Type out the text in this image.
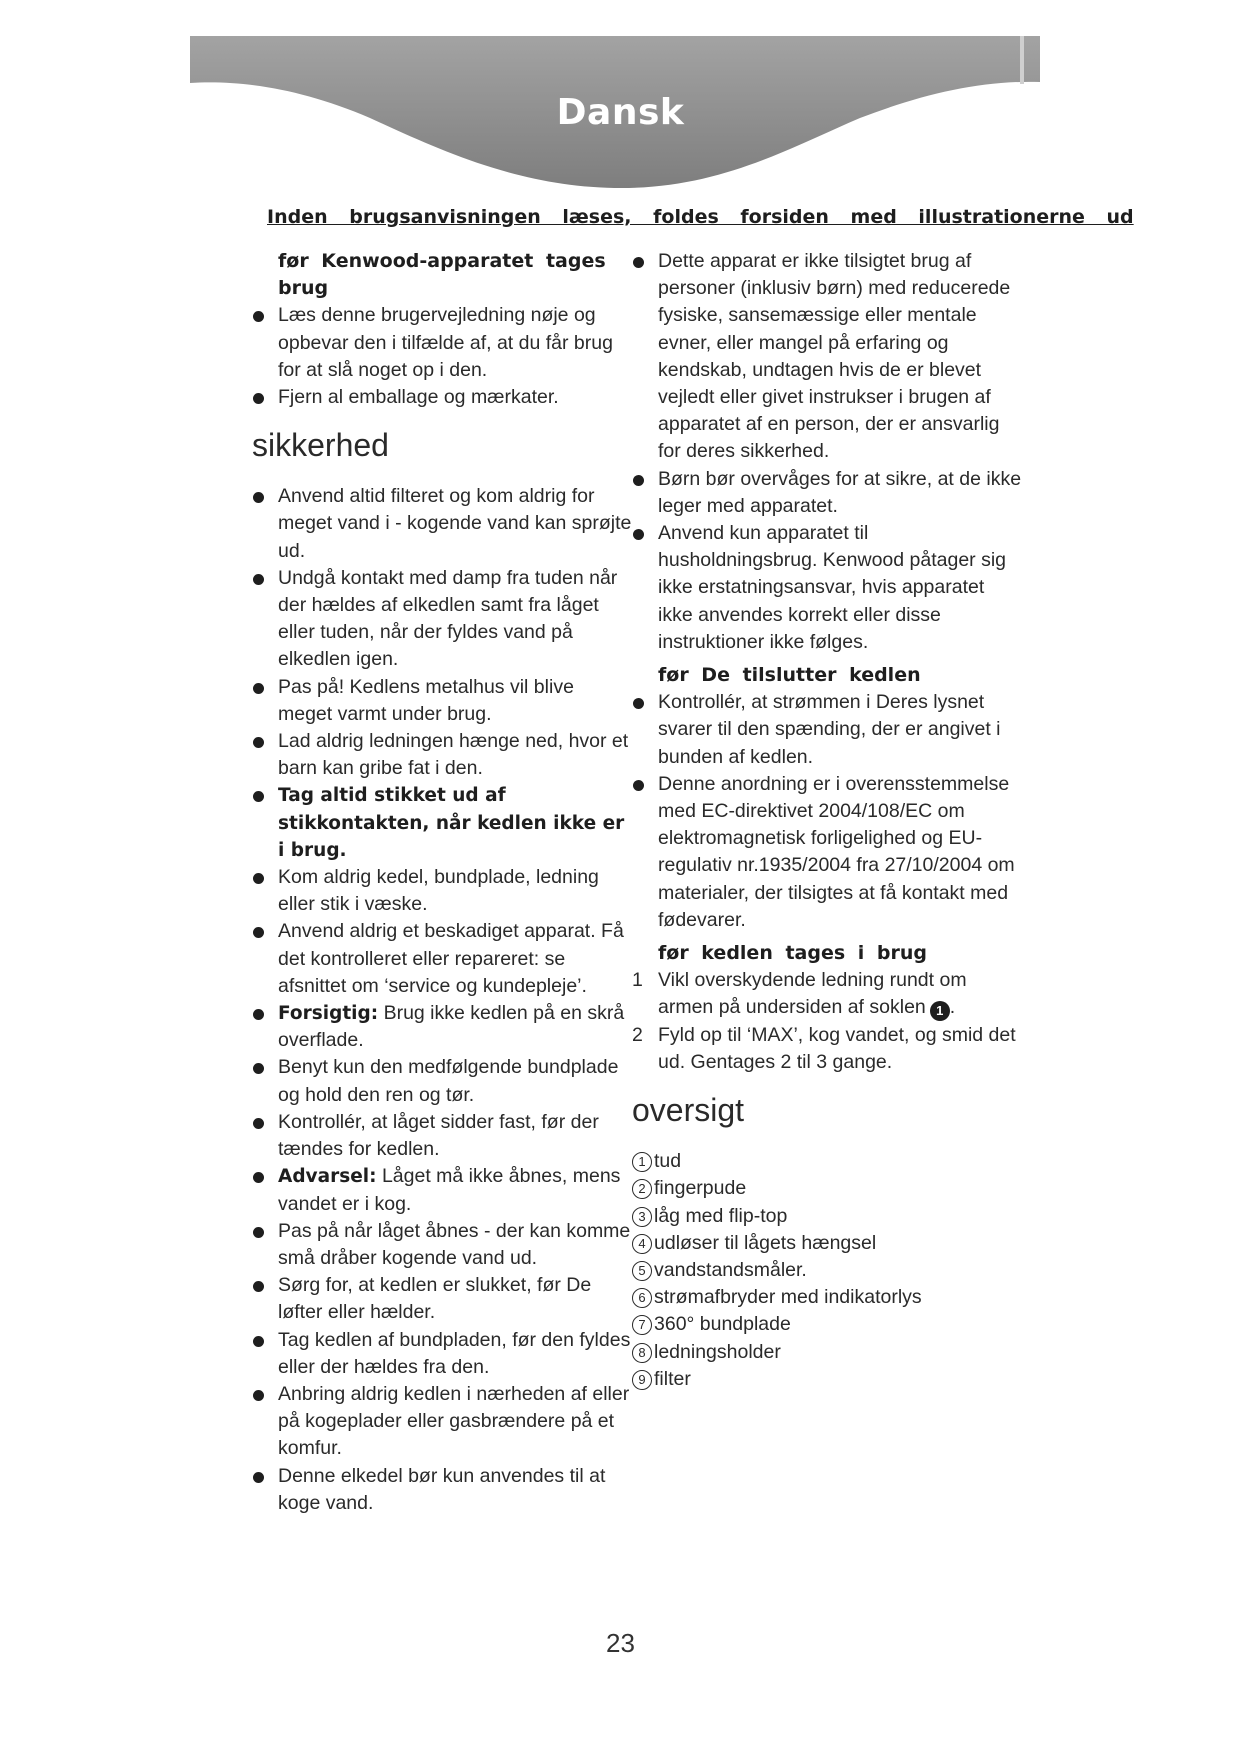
Dansk
Inden brugsanvisningen læses, foldes forsiden med illustrationerne ud
før Kenwood-apparatet tages brug
Læs denne brugervejledning nøje og opbevar den i tilfælde af, at du får brug for at slå noget op i den.
Fjern al emballage og mærkater.
sikkerhed
Anvend altid filteret og kom aldrig for meget vand i - kogende vand kan sprøjte ud.
Undgå kontakt med damp fra tuden når der hældes af elkedlen samt fra låget eller tuden, når der fyldes vand på elkedlen igen.
Pas på! Kedlens metalhus vil blive meget varmt under brug.
Lad aldrig ledningen hænge ned, hvor et barn kan gribe fat i den.
Tag altid stikket ud af stikkontakten, når kedlen ikke er i brug.
Kom aldrig kedel, bundplade, ledning eller stik i væske.
Anvend aldrig et beskadiget apparat. Få det kontrolleret eller repareret: se afsnittet om ‘service og kundepleje’.
Forsigtig: Brug ikke kedlen på en skrå overflade.
Benyt kun den medfølgende bundplade og hold den ren og tør.
Kontrollér, at låget sidder fast, før der tændes for kedlen.
Advarsel: Låget må ikke åbnes, mens vandet er i kog.
Pas på når låget åbnes - der kan komme små dråber kogende vand ud.
Sørg for, at kedlen er slukket, før De løfter eller hælder.
Tag kedlen af bundpladen, før den fyldes eller der hældes fra den.
Anbring aldrig kedlen i nærheden af eller på kogeplader eller gasbrændere på et komfur.
Denne elkedel bør kun anvendes til at koge vand.
Dette apparat er ikke tilsigtet brug af personer (inklusiv børn) med reducerede fysiske, sansemæssige eller mentale evner, eller mangel på erfaring og kendskab, undtagen hvis de er blevet vejledt eller givet instrukser i brugen af apparatet af en person, der er ansvarlig for deres sikkerhed.
Børn bør overvåges for at sikre, at de ikke leger med apparatet.
Anvend kun apparatet til husholdningsbrug. Kenwood påtager sig ikke erstatningsansvar, hvis apparatet ikke anvendes korrekt eller disse instruktioner ikke følges.
før De tilslutter kedlen
Kontrollér, at strømmen i Deres lysnet svarer til den spænding, der er angivet i bunden af kedlen.
Denne anordning er i overensstemmelse med EC-direktivet 2004/108/EC om elektromagnetisk forligelighed og EU-regulativ nr.1935/2004 fra 27/10/2004 om materialer, der tilsigtes at få kontakt med fødevarer.
før kedlen tages i brug
1 Vikl overskydende ledning rundt om armen på undersiden af soklen 1 .
2 Fyld op til ‘MAX’, kog vandet, og smid det ud. Gentages 2 til 3 gange.
oversigt
1 tud
2 fingerpude
3 låg med flip-top
4 udløser til lågets hængsel
5 vandstandsmåler.
6 strømafbryder med indikatorlys
7 360° bundplade
8 ledningsholder
9 filter
23
